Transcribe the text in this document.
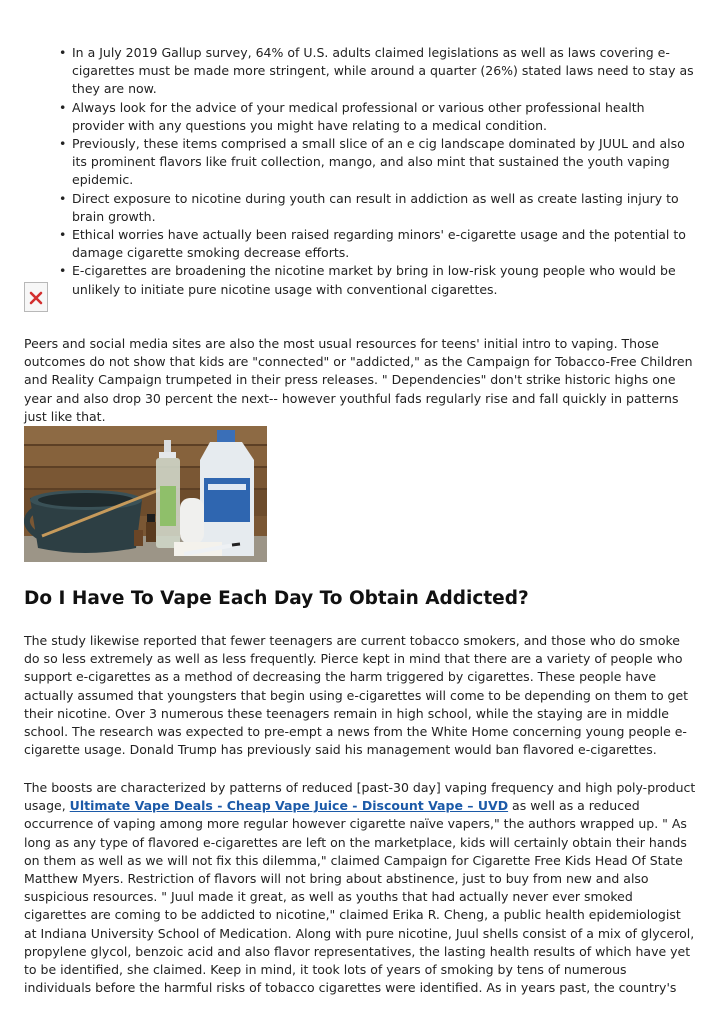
• In a July 2019 Gallup survey, 64% of U.S. adults claimed legislations as well as laws covering e-cigarettes must be made more stringent, while around a quarter (26%) stated laws need to stay as they are now.
• Always look for the advice of your medical professional or various other professional health provider with any questions you might have relating to a medical condition.
• Previously, these items comprised a small slice of an e cig landscape dominated by JUUL and also its prominent flavors like fruit collection, mango, and also mint that sustained the youth vaping epidemic.
• Direct exposure to nicotine during youth can result in addiction as well as create lasting injury to brain growth.
• Ethical worries have actually been raised regarding minors' e-cigarette usage and the potential to damage cigarette smoking decrease efforts.
• E-cigarettes are broadening the nicotine market by bring in low-risk young people who would be unlikely to initiate pure nicotine usage with conventional cigarettes.

Peers and social media sites are also the most usual resources for teens' initial intro to vaping. Those outcomes do not show that kids are "connected" or "addicted," as the Campaign for Tobacco-Free Children and Reality Campaign trumpeted in their press releases. " Dependencies" don't strike historic highs one year and also drop 30 percent the next-- however youthful fads regularly rise and fall quickly in patterns just like that.

Do I Have To Vape Each Day To Obtain Addicted?

The study likewise reported that fewer teenagers are current tobacco smokers, and those who do smoke do so less extremely as well as less frequently. Pierce kept in mind that there are a variety of people who support e-cigarettes as a method of decreasing the harm triggered by cigarettes. These people have actually assumed that youngsters that begin using e-cigarettes will come to be depending on them to get their nicotine. Over 3 numerous these teenagers remain in high school, while the staying are in middle school. The research was expected to pre-empt a news from the White Home concerning young people e-cigarette usage. Donald Trump has previously said his management would ban flavored e-cigarettes.

The boosts are characterized by patterns of reduced [past-30 day] vaping frequency and high poly-product usage, Ultimate Vape Deals - Cheap Vape Juice - Discount Vape – UVD as well as a reduced occurrence of vaping among more regular however cigarette naïve vapers," the authors wrapped up. " As long as any type of flavored e-cigarettes are left on the marketplace, kids will certainly obtain their hands on them as well as we will not fix this dilemma," claimed Campaign for Cigarette Free Kids Head Of State Matthew Myers. Restriction of flavors will not bring about abstinence, just to buy from new and also suspicious resources. " Juul made it great, as well as youths that had actually never ever smoked cigarettes are coming to be addicted to nicotine," claimed Erika R. Cheng, a public health epidemiologist at Indiana University School of Medication. Along with pure nicotine, Juul shells consist of a mix of glycerol, propylene glycol, benzoic acid and also flavor representatives, the lasting health results of which have yet to be identified, she claimed. Keep in mind, it took lots of years of smoking by tens of numerous individuals before the harmful risks of tobacco cigarettes were identified. As in years past, the country's
